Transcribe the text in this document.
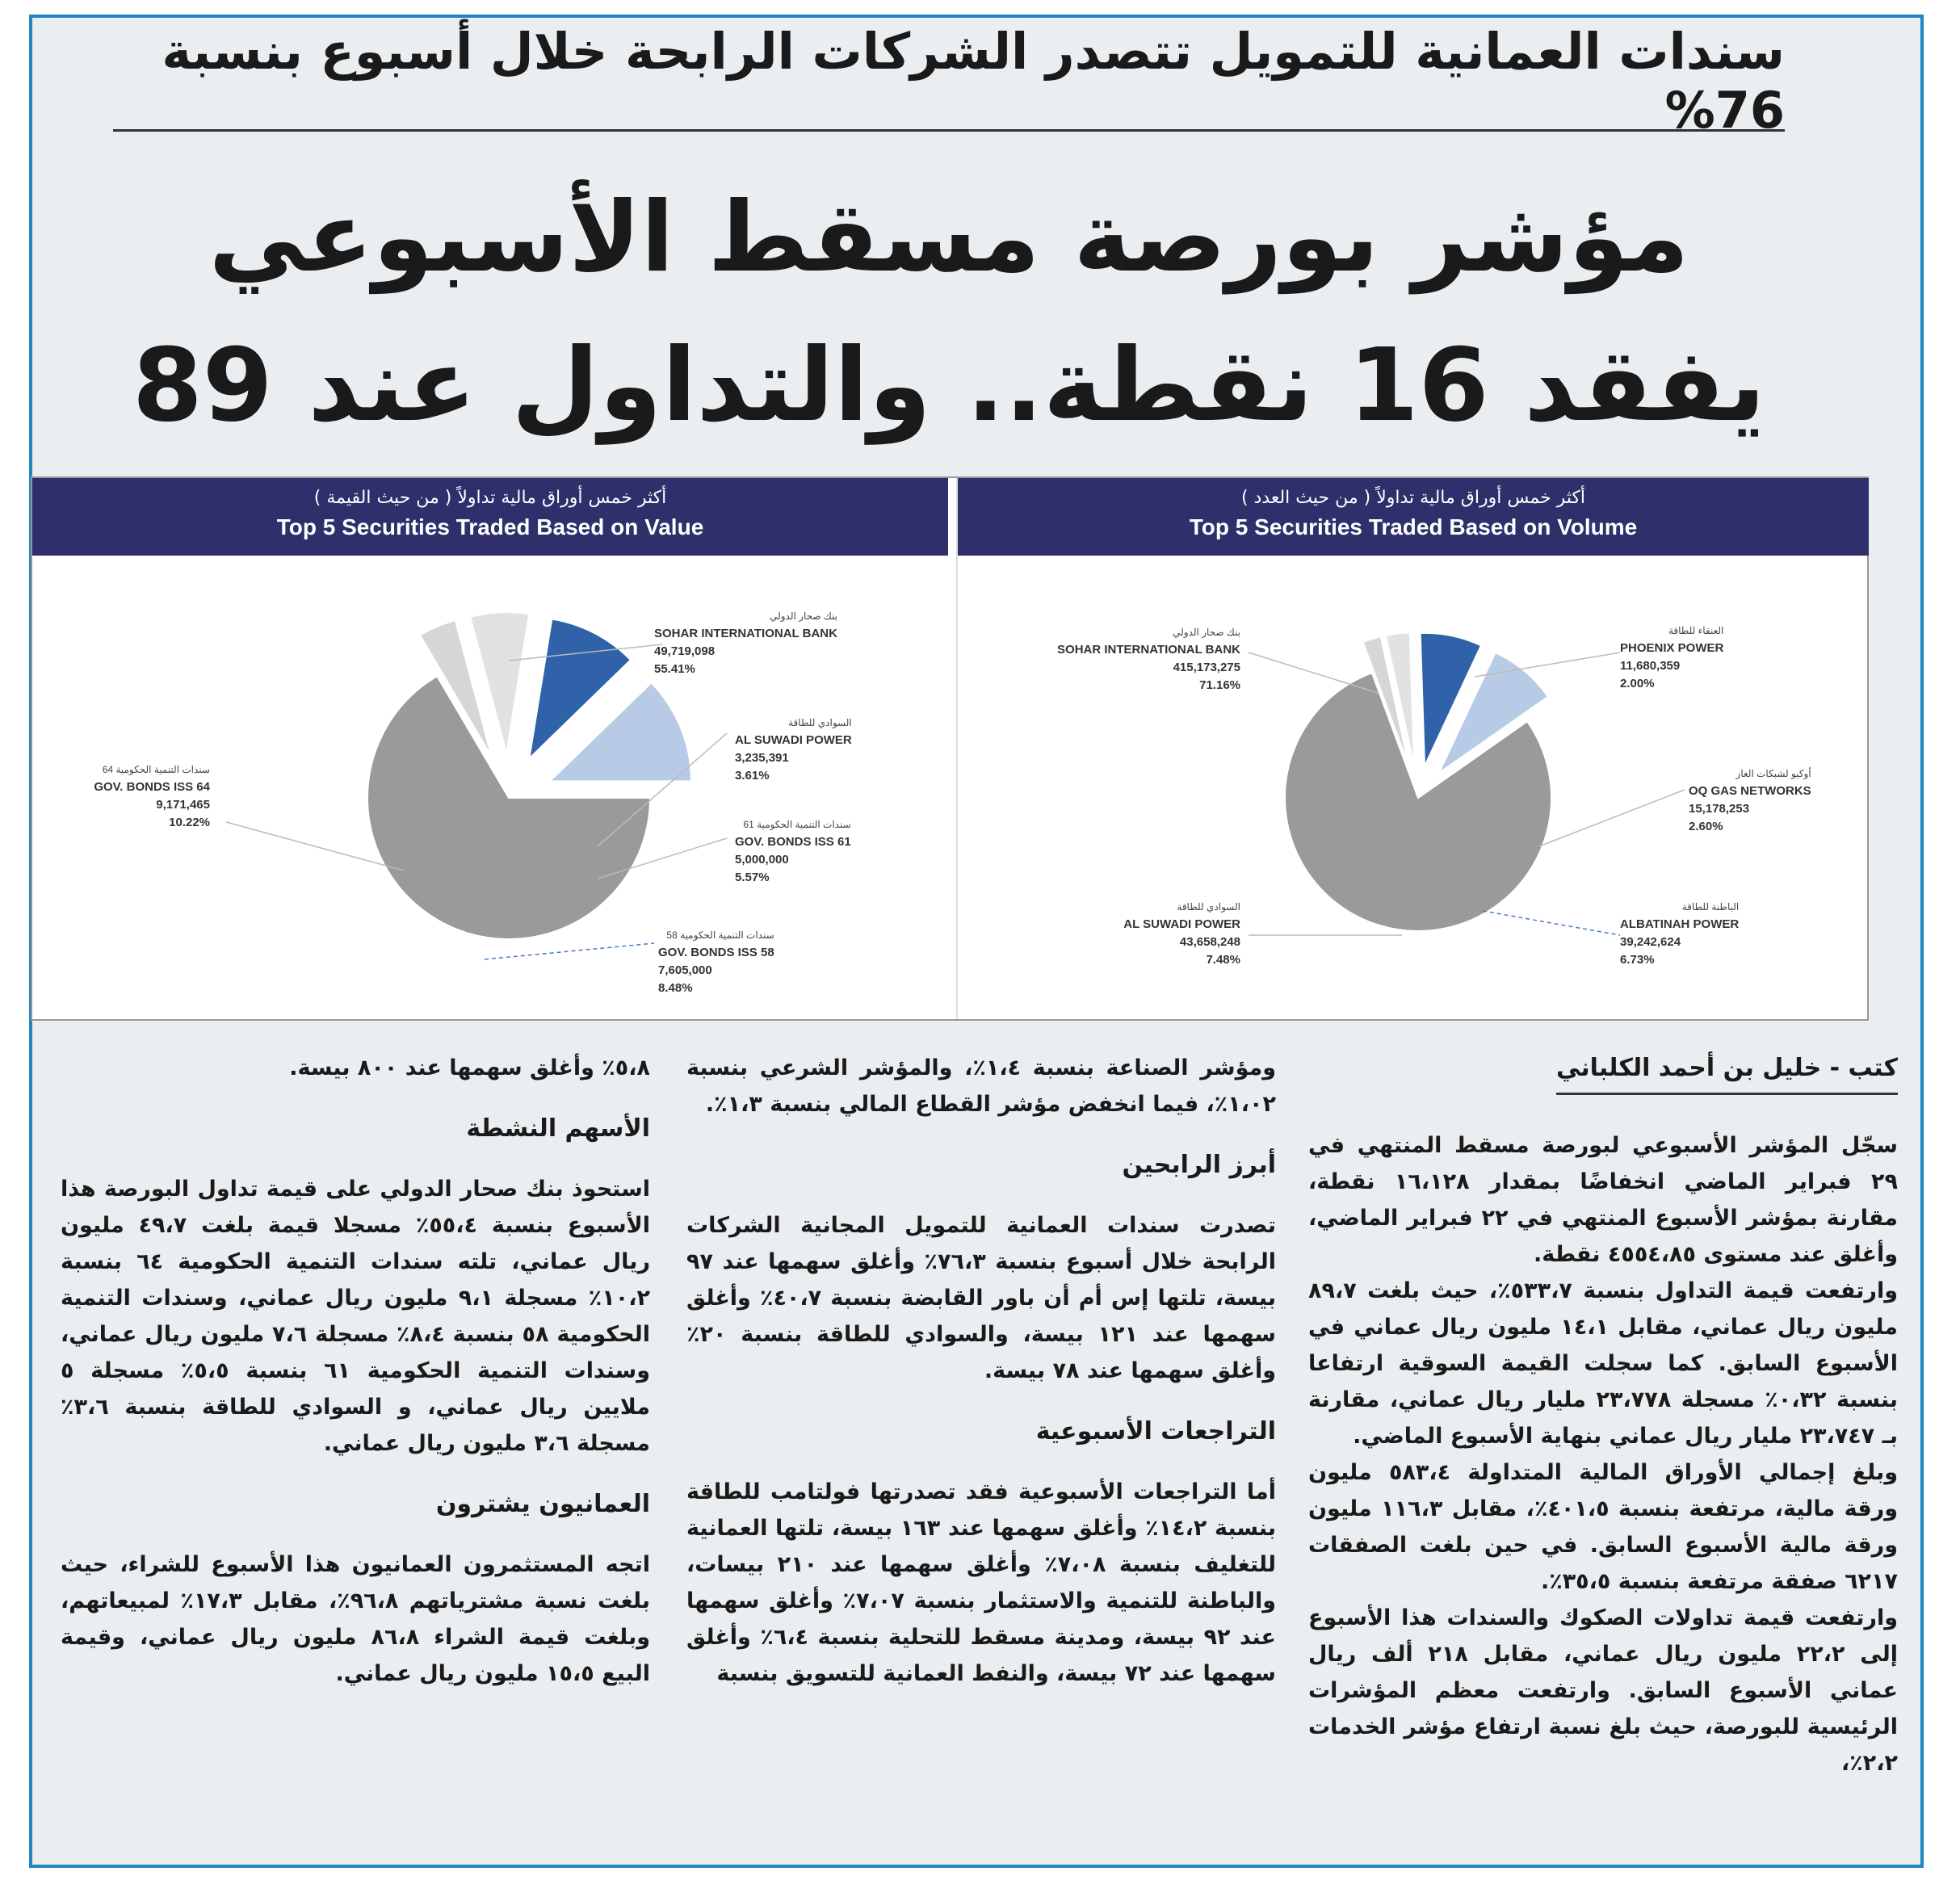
سندات العمانية للتمويل تتصدر الشركات الرابحة خلال أسبوع بنسبة 76%
مؤشر بورصة مسقط الأسبوعي
يفقد 16 نقطة.. والتداول عند 89
أكثر خمس أوراق مالية تداولاً ( من حيث القيمة )
Top 5 Securities Traded Based on Value
بنك صحار الدولي
SOHAR INTERNATIONAL BANK
49,719,098
55.41%
السوادي للطاقة
AL SUWADI POWER
3,235,391
3.61%
سندات التنمية الحكومية 61
GOV. BONDS ISS 61
5,000,000
5.57%
سندات التنمية الحكومية 58
GOV. BONDS ISS 58
7,605,000
8.48%
سندات التنمية الحكومية 64
GOV. BONDS ISS 64
9,171,465
10.22%
أكثر خمس أوراق مالية تداولاً ( من حيث العدد )
Top 5 Securities Traded Based on Volume
بنك صحار الدولي
SOHAR INTERNATIONAL BANK
415,173,275
71.16%
العنقاء للطاقة
PHOENIX POWER
11,680,359
2.00%
أوكيو لشبكات الغاز
OQ GAS NETWORKS
15,178,253
2.60%
الباطنة للطاقة
ALBATINAH POWER
39,242,624
6.73%
السوادي للطاقة
AL SUWADI POWER
43,658,248
7.48%
كتب - خليل بن أحمد الكلباني

سجّل المؤشر الأسبوعي لبورصة مسقط المنتهي في ٢٩ فبراير الماضي انخفاضًا بمقدار ١٦،١٢٨ نقطة، مقارنة بمؤشر الأسبوع المنتهي في ٢٢ فبراير الماضي، وأغلق عند مستوى ٤٥٥٤،٨٥ نقطة.

وارتفعت قيمة التداول بنسبة ٥٣٣،٧٪، حيث بلغت ٨٩،٧ مليون ريال عماني، مقابل ١٤،١ مليون ريال عماني في الأسبوع السابق. كما سجلت القيمة السوقية ارتفاعا بنسبة ٠،٣٢٪ مسجلة ٢٣،٧٧٨ مليار ريال عماني، مقارنة بـ ٢٣،٧٤٧ مليار ريال عماني بنهاية الأسبوع الماضي.

وبلغ إجمالي الأوراق المالية المتداولة ٥٨٣،٤ مليون ورقة مالية، مرتفعة بنسبة ٤٠١،٥٪، مقابل ١١٦،٣ مليون ورقة مالية الأسبوع السابق. في حين بلغت الصفقات ٦٢١٧ صفقة مرتفعة بنسبة ٣٥،٥٪.

وارتفعت قيمة تداولات الصكوك والسندات هذا الأسبوع إلى ٢٢،٢ مليون ريال عماني، مقابل ٢١٨ ألف ريال عماني الأسبوع السابق. وارتفعت معظم المؤشرات الرئيسية للبورصة، حيث بلغ نسبة ارتفاع مؤشر الخدمات ٢،٢٪،

ومؤشر الصناعة بنسبة ١،٤٪، والمؤشر الشرعي بنسبة ١،٠٢٪، فيما انخفض مؤشر القطاع المالي بنسبة ١،٣٪.

أبرز الرابحين

تصدرت سندات العمانية للتمويل المجانية الشركات الرابحة خلال أسبوع بنسبة ٧٦،٣٪ وأغلق سهمها عند ٩٧ بيسة، تلتها إس أم أن باور القابضة بنسبة ٤٠،٧٪ وأغلق سهمها عند ١٢١ بيسة، والسوادي للطاقة بنسبة ٢٠٪ وأغلق سهمها عند ٧٨ بيسة.

التراجعات الأسبوعية

أما التراجعات الأسبوعية فقد تصدرتها فولتامب للطاقة بنسبة ١٤،٢٪ وأغلق سهمها عند ١٦٣ بيسة، تلتها العمانية للتغليف بنسبة ٧،٠٨٪ وأغلق سهمها عند ٢١٠ بيسات، والباطنة للتنمية والاستثمار بنسبة ٧،٠٧٪ وأغلق سهمها عند ٩٢ بيسة، ومدينة مسقط للتحلية بنسبة ٦،٤٪ وأغلق سهمها عند ٧٢ بيسة، والنفط العمانية للتسويق بنسبة

٥،٨٪ وأغلق سهمها عند ٨٠٠ بيسة.

الأسهم النشطة

استحوذ بنك صحار الدولي على قيمة تداول البورصة هذا الأسبوع بنسبة ٥٥،٤٪ مسجلا قيمة بلغت ٤٩،٧ مليون ريال عماني، تلته سندات التنمية الحكومية ٦٤ بنسبة ١٠،٢٪ مسجلة ٩،١ مليون ريال عماني، وسندات التنمية الحكومية ٥٨ بنسبة ٨،٤٪ مسجلة ٧،٦ مليون ريال عماني، وسندات التنمية الحكومية ٦١ بنسبة ٥،٥٪ مسجلة ٥ ملايين ريال عماني، و السوادي للطاقة بنسبة ٣،٦٪ مسجلة ٣،٦ مليون ريال عماني.

العمانيون يشترون

اتجه المستثمرون العمانيون هذا الأسبوع للشراء، حيث بلغت نسبة مشترياتهم ٩٦،٨٪، مقابل ١٧،٣٪ لمبيعاتهم، وبلغت قيمة الشراء ٨٦،٨ مليون ريال عماني، وقيمة البيع ١٥،٥ مليون ريال عماني.
